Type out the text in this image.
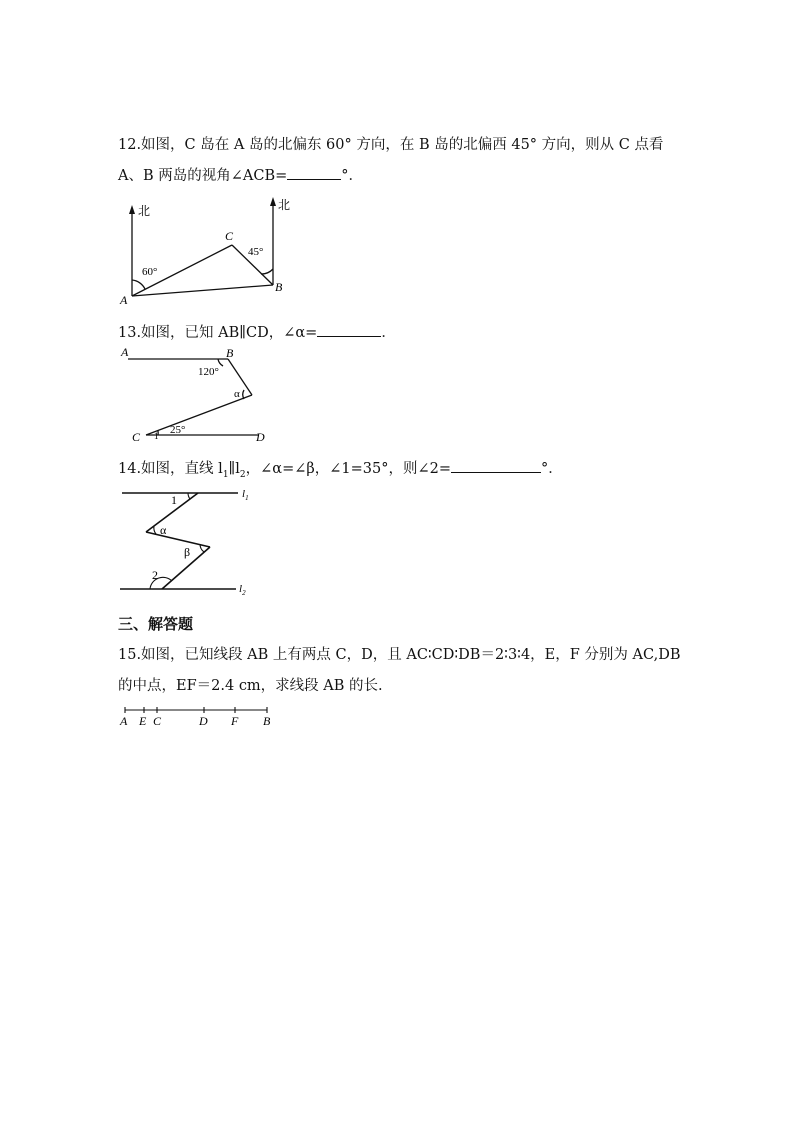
12.如图，C 岛在 A 岛的北偏东 60° 方向，在 B 岛的北偏西 45° 方向，则从 C 点看
A、B 两岛的视角∠ACB=	°．
北	北
A
B
C
60°
45°
13.如图，已知 AB∥CD，∠α=	．
A	B
C	D
120°
α
25°
1
14.如图，直线 $l_1\parallel l_2$，∠α=∠β，∠1=35°，则∠2=	°．
$l_1$
$l_2$
1
2
α
β
三、解答题
15.如图，已知线段 AB 上有两点 C，D，且 AC∶CD∶DB＝2∶3∶4，E，F 分别为 AC,DB
的中点，EF＝2.4 cm，求线段 AB 的长.
A E C	D F B
